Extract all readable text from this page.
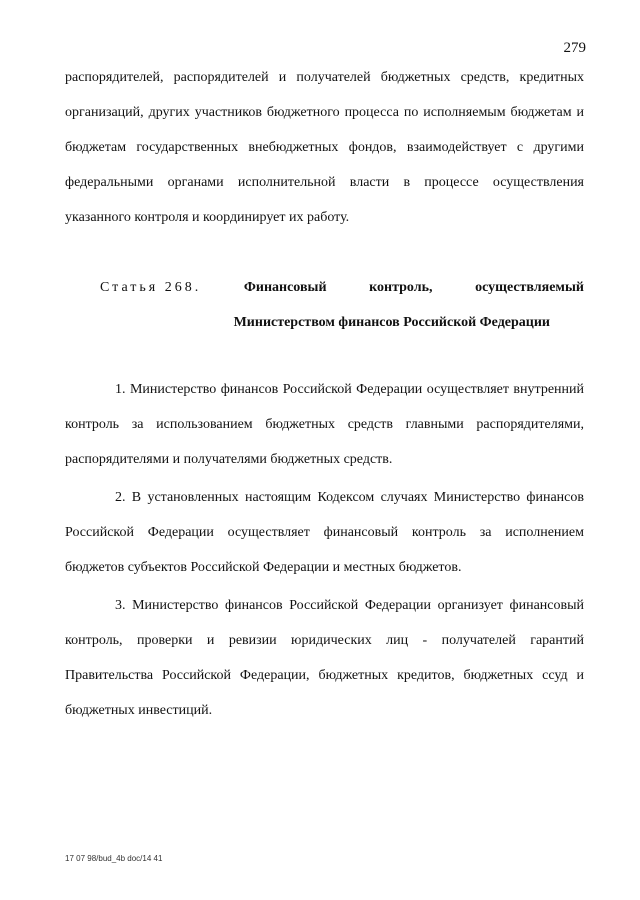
279
распорядителей, распорядителей и получателей бюджетных средств, кредитных организаций, других участников бюджетного процесса по исполняемым бюджетам и бюджетам государственных внебюджетных фондов, взаимодействует с другими федеральными органами исполнительной власти в процессе осуществления указанного контроля и координирует их работу.
Статья 268.	Финансовый	контроль,	осуществляемый
Министерством финансов Российской Федерации
1. Министерство финансов Российской Федерации осуществляет внутренний контроль за использованием бюджетных средств главными распорядителями, распорядителями и получателями бюджетных средств.
2. В установленных настоящим Кодексом случаях Министерство финансов Российской Федерации осуществляет финансовый контроль за исполнением бюджетов субъектов Российской Федерации и местных бюджетов.
3. Министерство финансов Российской Федерации организует финансовый контроль, проверки и ревизии юридических лиц - получателей гарантий Правительства Российской Федерации, бюджетных кредитов, бюджетных ссуд и бюджетных инвестиций.
17 07 98/bud_4b doc/14 41
